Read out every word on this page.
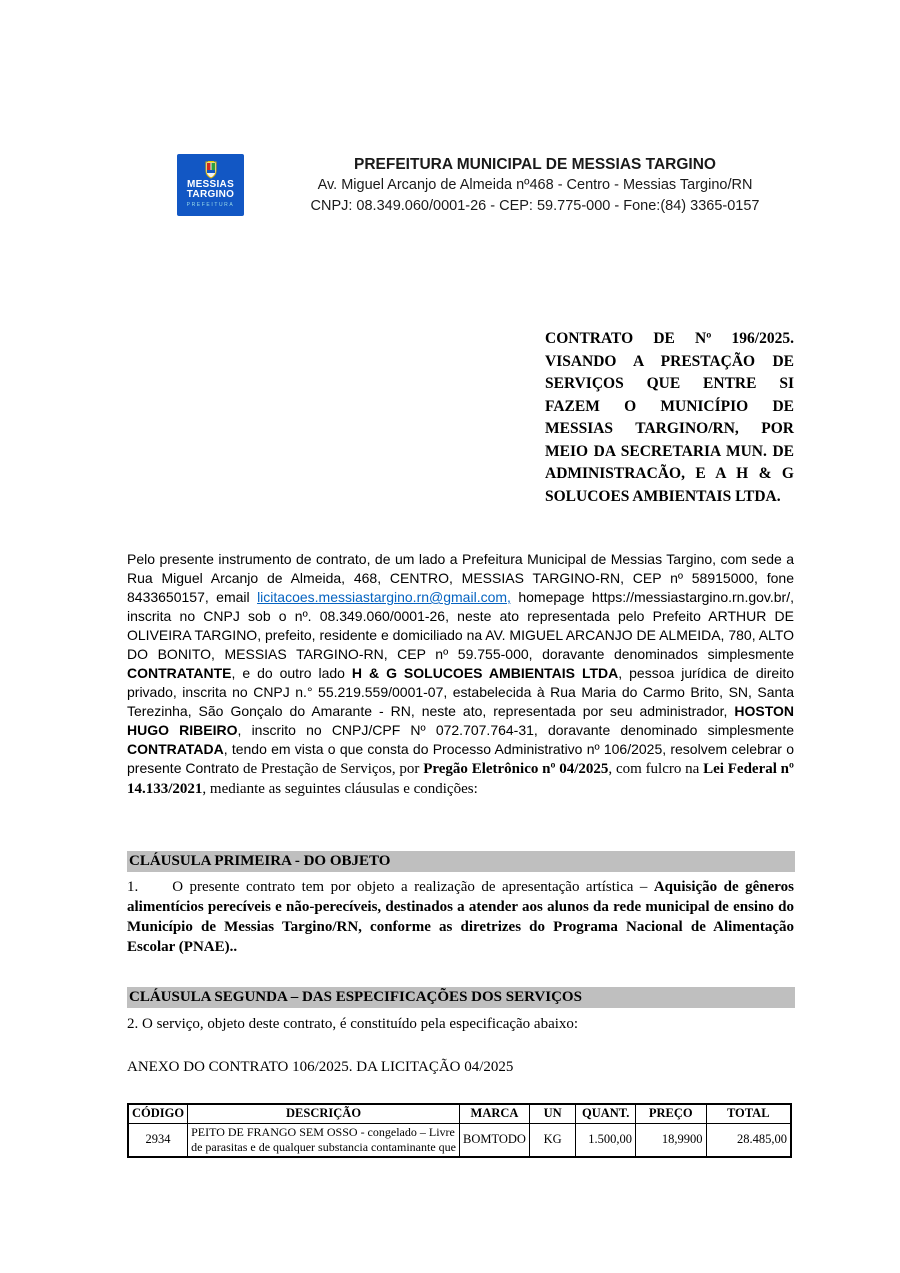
MESSIAS
TARGINO
PREFEITURA
PREFEITURA MUNICIPAL DE MESSIAS TARGINO
Av. Miguel Arcanjo de Almeida nº468 - Centro - Messias Targino/RN
CNPJ: 08.349.060/0001-26 - CEP: 59.775-000 - Fone:(84) 3365-0157
CONTRATO DE Nº 196/2025. VISANDO A PRESTAÇÃO DE SERVIÇOS QUE ENTRE SI FAZEM O MUNICÍPIO DE MESSIAS TARGINO/RN, POR MEIO DA SECRETARIA MUN. DE ADMINISTRACÃO, E A H & G SOLUCOES AMBIENTAIS LTDA.
Pelo presente instrumento de contrato, de um lado a Prefeitura Municipal de Messias Targino, com sede a Rua Miguel Arcanjo de Almeida, 468, CENTRO, MESSIAS TARGINO-RN, CEP nº 58915000, fone 8433650157, email licitacoes.messiastargino.rn@gmail.com, homepage https://messiastargino.rn.gov.br/, inscrita no CNPJ sob o nº. 08.349.060/0001-26, neste ato representada pelo Prefeito ARTHUR DE OLIVEIRA TARGINO, prefeito, residente e domiciliado na AV. MIGUEL ARCANJO DE ALMEIDA, 780, ALTO DO BONITO, MESSIAS TARGINO-RN, CEP nº 59.755-000, doravante denominados simplesmente CONTRATANTE, e do outro lado H & G SOLUCOES AMBIENTAIS LTDA, pessoa jurídica de direito privado, inscrita no CNPJ n.° 55.219.559/0001-07, estabelecida à Rua Maria do Carmo Brito, SN, Santa Terezinha, São Gonçalo do Amarante - RN, neste ato, representada por seu administrador, HOSTON HUGO RIBEIRO, inscrito no CNPJ/CPF Nº 072.707.764-31, doravante denominado simplesmente CONTRATADA, tendo em vista o que consta do Processo Administrativo nº 106/2025, resolvem celebrar o presente Contrato de Prestação de Serviços, por Pregão Eletrônico nº 04/2025, com fulcro na Lei Federal nº 14.133/2021, mediante as seguintes cláusulas e condições:
CLÁUSULA PRIMEIRA - DO OBJETO
1. O presente contrato tem por objeto a realização de apresentação artística – Aquisição de gêneros alimentícios perecíveis e não-perecíveis, destinados a atender aos alunos da rede municipal de ensino do Município de Messias Targino/RN, conforme as diretrizes do Programa Nacional de Alimentação Escolar (PNAE)..
CLÁUSULA SEGUNDA – DAS ESPECIFICAÇÕES DOS SERVIÇOS
2. O serviço, objeto deste contrato, é constituído pela especificação abaixo:
ANEXO DO CONTRATO 106/2025. DA LICITAÇÃO 04/2025
CÓDIGO	DESCRIÇÃO	MARCA	UN	QUANT.	PREÇO	TOTAL
2934	PEITO DE FRANGO SEM OSSO - congelado – Livre de parasitas e de qualquer substancia contaminante que	BOMTODO	KG	1.500,00	18,9900	28.485,00
